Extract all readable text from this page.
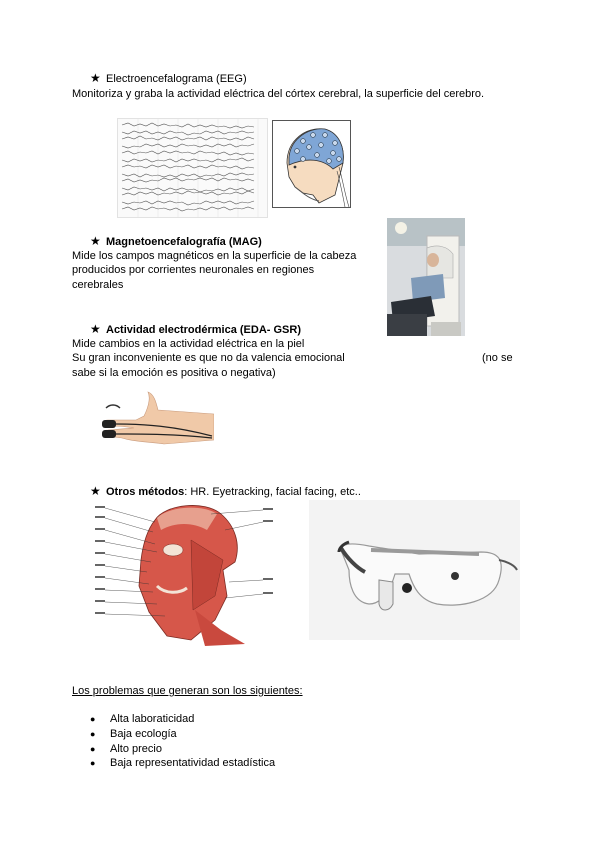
★ Electroencefalograma (EEG)
Monitoriza y graba la actividad eléctrica del córtex cerebral, la superficie del cerebro.
★ Magnetoencefalografía (MAG)
Mide los campos magnéticos en la superficie de la cabeza
producidos por corrientes neuronales en regiones
cerebrales
★ Actividad electrodérmica (EDA- GSR)
Mide cambios en la actividad eléctrica en la piel
Su gran inconveniente es que no da valencia emocional	(no se
sabe si la emoción es positiva o negativa)
★ Otros métodos: HR. Eyetracking, facial facing, etc..
Los problemas que generan son los siguientes:
● Alta laboraticidad
● Baja ecología
● Alto precio
● Baja representatividad estadística
